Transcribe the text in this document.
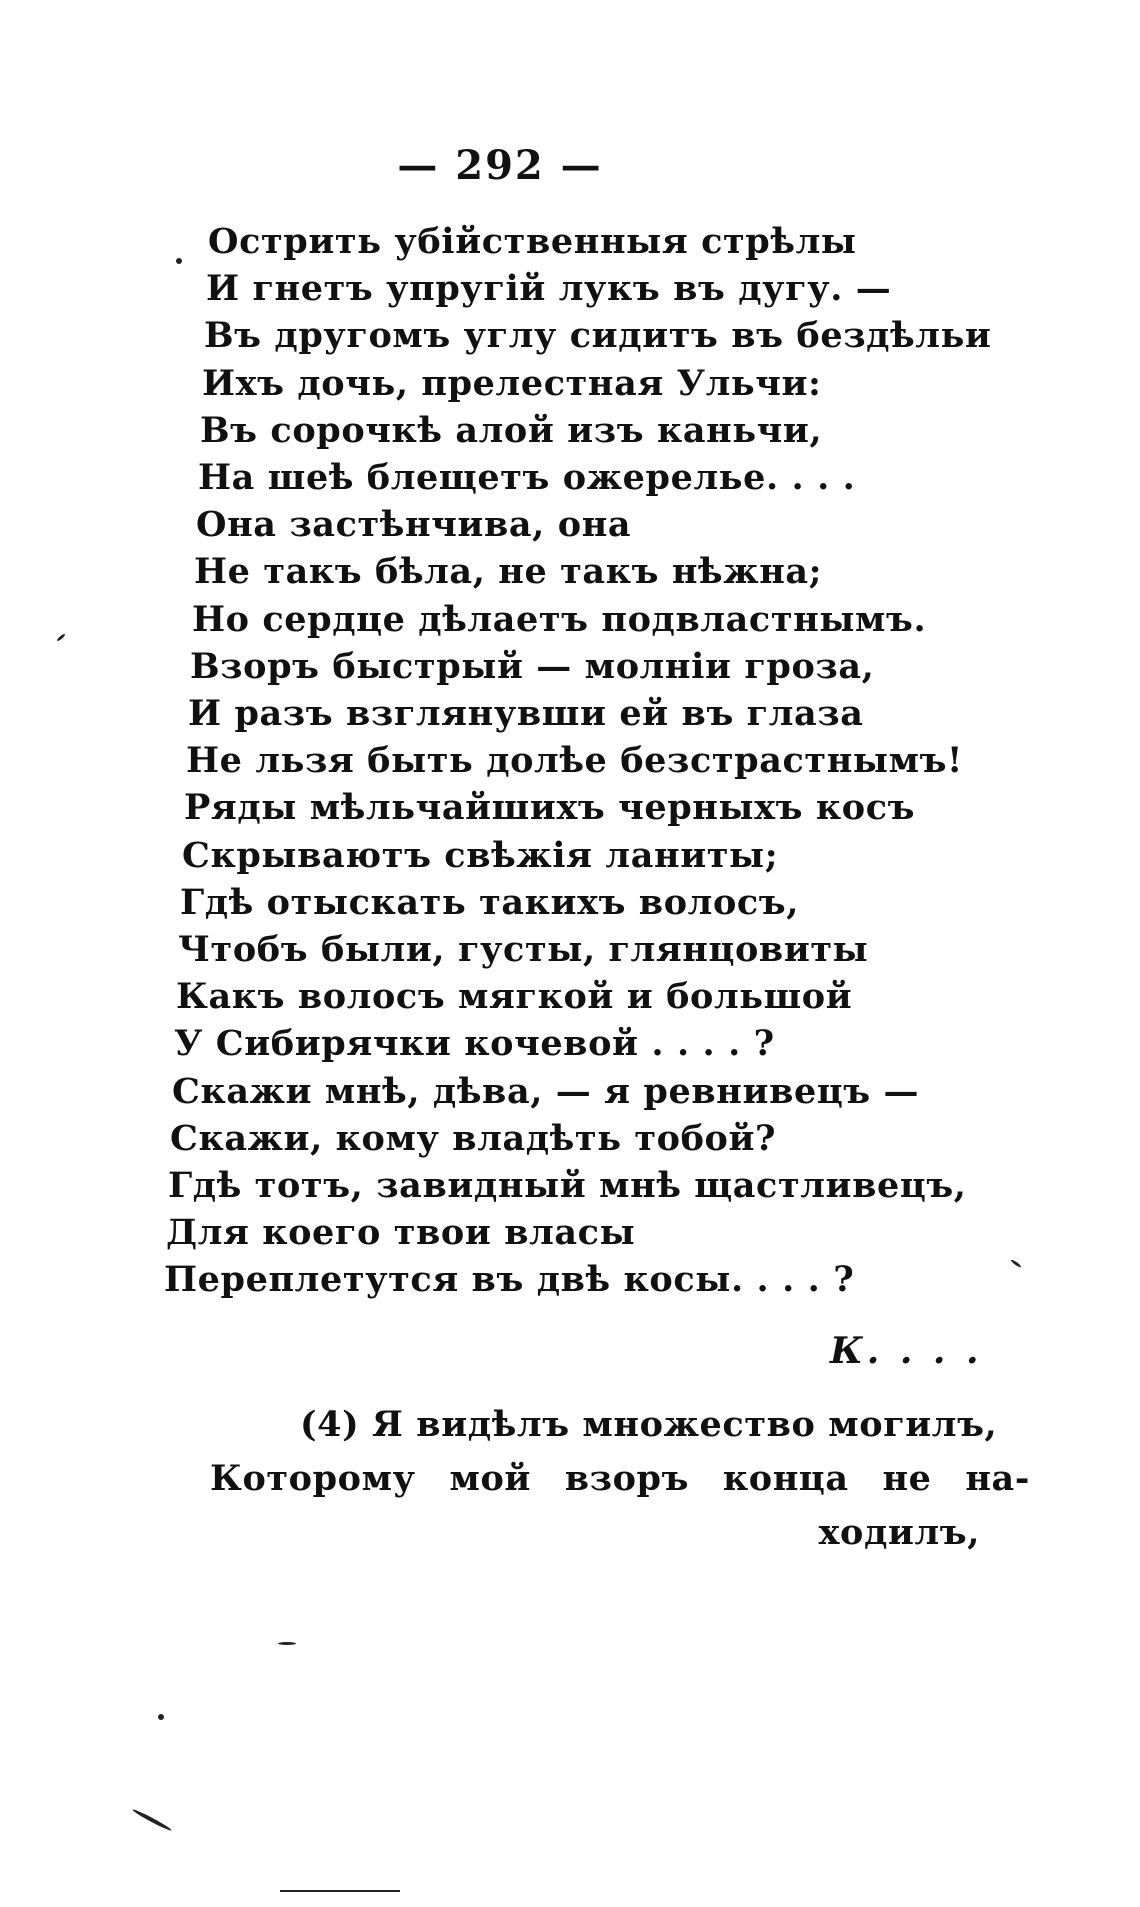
— 292 —
Острить убійственныя стрѣлы
И гнетъ упругій лукъ въ дугу. —
Въ другомъ углу сидитъ въ бездѣльи
Ихъ дочь, прелестная Ульчи:
Въ сорочкѣ алой изъ каньчи,
На шеѣ блещетъ ожерелье. . . .
Она застѣнчива, она
Не такъ бѣла, не такъ нѣжна;
Но сердце дѣлаетъ подвластнымъ.
Взоръ быстрый — молніи гроза,
И разъ взглянувши ей въ глаза
Не льзя быть долѣе безстрастнымъ!
Ряды мѣльчайшихъ черныхъ косъ
Скрываютъ свѣжія ланиты;
Гдѣ отыскать такихъ волосъ,
Чтобъ были, густы, глянцовиты
Какъ волосъ мягкой и большой
У Сибирячки кочевой . . . . ?
Скажи мнѣ, дѣва, — я ревнивецъ —
Скажи, кому владѣть тобой?
Гдѣ тотъ, завидный мнѣ щастливецъ,
Для коего твои власы
Переплетутся въ двѣ косы. . . . ?
К. . . .
(4) Я видѣлъ множество могилъ,
Которому мой взоръ конца не на-
ходилъ,
